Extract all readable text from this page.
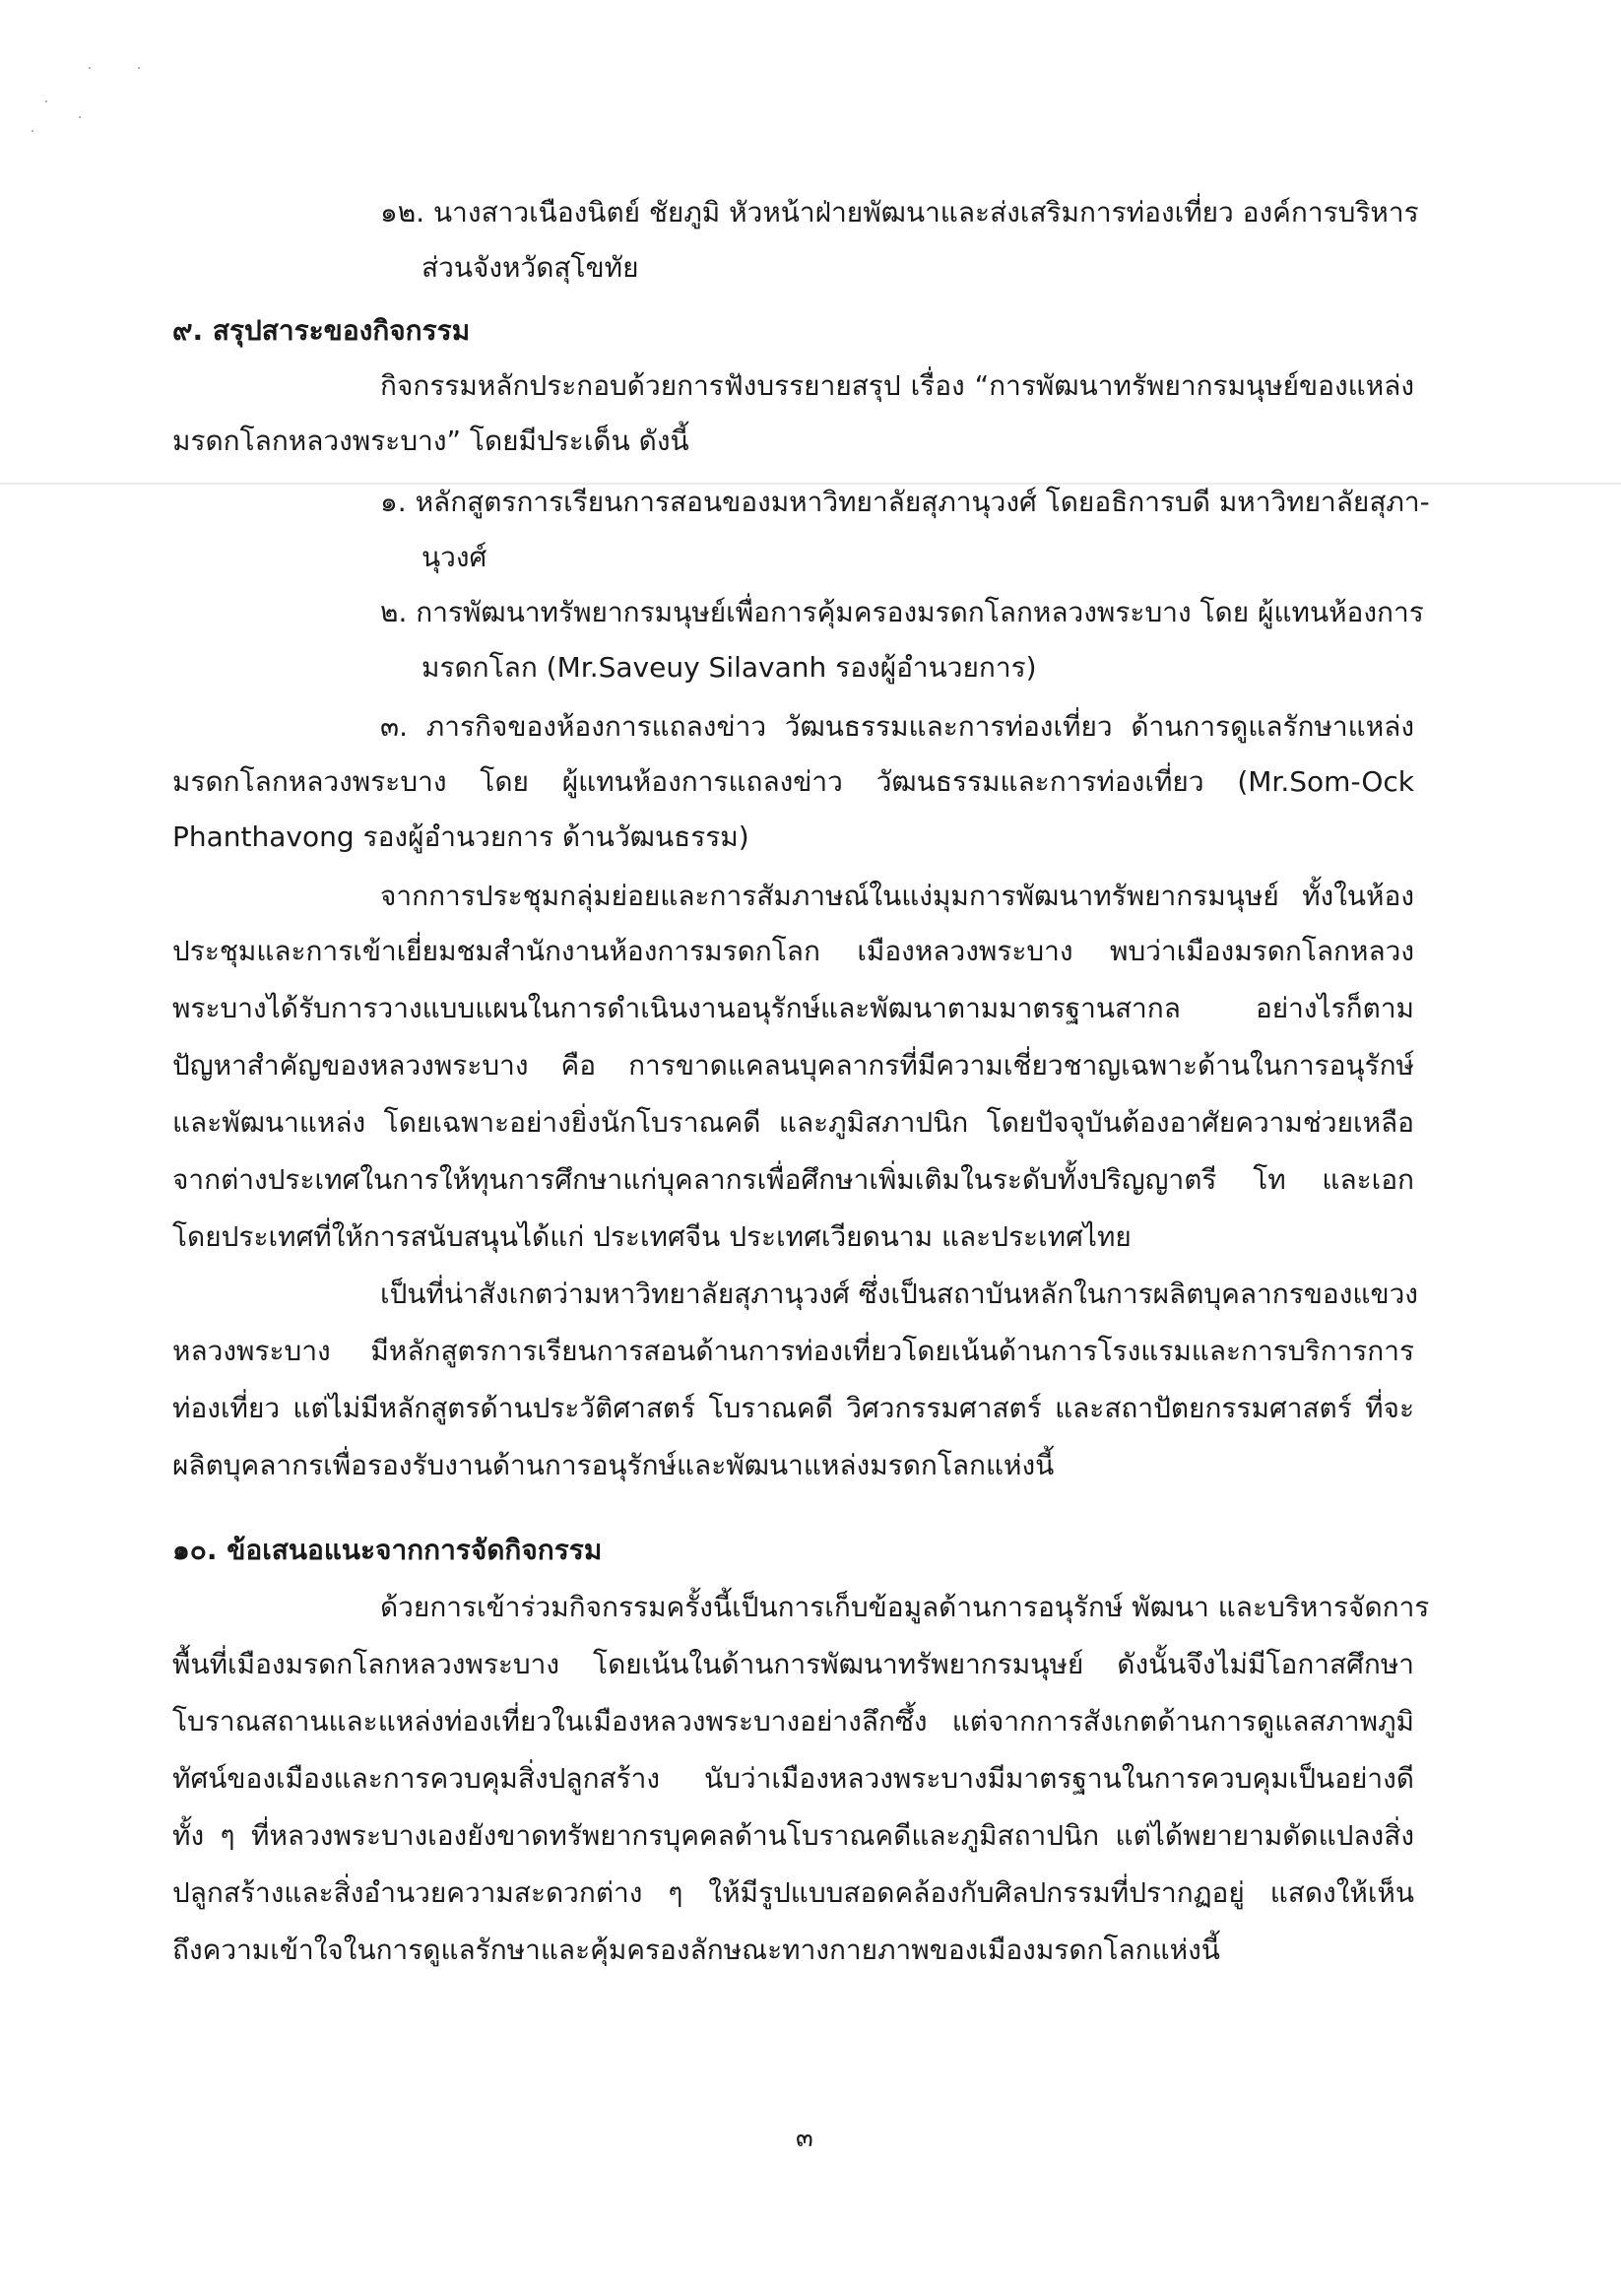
๑๒. นางสาวเนืองนิตย์ ชัยภูมิ หัวหน้าฝ่ายพัฒนาและส่งเสริมการท่องเที่ยว องค์การบริหาร

ส่วนจังหวัดสุโขทัย

๙. สรุปสาระของกิจกรรม

กิจกรรมหลักประกอบด้วยการฟังบรรยายสรุป เรื่อง “การพัฒนาทรัพยากรมนุษย์ของแหล่ง

มรดกโลกหลวงพระบาง” โดยมีประเด็น ดังนี้

๑. หลักสูตรการเรียนการสอนของมหาวิทยาลัยสุภานุวงศ์ โดยอธิการบดี มหาวิทยาลัยสุภา-

นุวงศ์

๒. การพัฒนาทรัพยากรมนุษย์เพื่อการคุ้มครองมรดกโลกหลวงพระบาง โดย ผู้แทนห้องการ

มรดกโลก (Mr.Saveuy Silavanh รองผู้อำนวยการ)

๓. ภารกิจของห้องการแถลงข่าว วัฒนธรรมและการท่องเที่ยว ด้านการดูแลรักษาแหล่ง

มรดกโลกหลวงพระบาง โดย ผู้แทนห้องการแถลงข่าว วัฒนธรรมและการท่องเที่ยว (Mr.Som-Ock

Phanthavong รองผู้อำนวยการ ด้านวัฒนธรรม)

จากการประชุมกลุ่มย่อยและการสัมภาษณ์ในแง่มุมการพัฒนาทรัพยากรมนุษย์ ทั้งในห้อง

ประชุมและการเข้าเยี่ยมชมสำนักงานห้องการมรดกโลก เมืองหลวงพระบาง พบว่าเมืองมรดกโลกหลวง

พระบางได้รับการวางแบบแผนในการดำเนินงานอนุรักษ์และพัฒนาตามมาตรฐานสากล อย่างไรก็ตาม

ปัญหาสำคัญของหลวงพระบาง คือ การขาดแคลนบุคลากรที่มีความเชี่ยวชาญเฉพาะด้านในการอนุรักษ์

และพัฒนาแหล่ง โดยเฉพาะอย่างยิ่งนักโบราณคดี และภูมิสภาปนิก โดยปัจจุบันต้องอาศัยความช่วยเหลือ

จากต่างประเทศในการให้ทุนการศึกษาแก่บุคลากรเพื่อศึกษาเพิ่มเติมในระดับทั้งปริญญาตรี โท และเอก

โดยประเทศที่ให้การสนับสนุนได้แก่ ประเทศจีน ประเทศเวียดนาม และประเทศไทย

เป็นที่น่าสังเกตว่ามหาวิทยาลัยสุภานุวงศ์ ซึ่งเป็นสถาบันหลักในการผลิตบุคลากรของแขวง

หลวงพระบาง มีหลักสูตรการเรียนการสอนด้านการท่องเที่ยวโดยเน้นด้านการโรงแรมและการบริการการ

ท่องเที่ยว แต่ไม่มีหลักสูตรด้านประวัติศาสตร์ โบราณคดี วิศวกรรมศาสตร์ และสถาปัตยกรรมศาสตร์ ที่จะ

ผลิตบุคลากรเพื่อรองรับงานด้านการอนุรักษ์และพัฒนาแหล่งมรดกโลกแห่งนี้

๑๐. ข้อเสนอแนะจากการจัดกิจกรรม

ด้วยการเข้าร่วมกิจกรรมครั้งนี้เป็นการเก็บข้อมูลด้านการอนุรักษ์ พัฒนา และบริหารจัดการ

พื้นที่เมืองมรดกโลกหลวงพระบาง โดยเน้นในด้านการพัฒนาทรัพยากรมนุษย์ ดังนั้นจึงไม่มีโอกาสศึกษา

โบราณสถานและแหล่งท่องเที่ยวในเมืองหลวงพระบางอย่างลึกซึ้ง แต่จากการสังเกตด้านการดูแลสภาพภูมิ

ทัศน์ของเมืองและการควบคุมสิ่งปลูกสร้าง นับว่าเมืองหลวงพระบางมีมาตรฐานในการควบคุมเป็นอย่างดี

ทั้ง ๆ ที่หลวงพระบางเองยังขาดทรัพยากรบุคคลด้านโบราณคดีและภูมิสถาปนิก แต่ได้พยายามดัดแปลงสิ่ง

ปลูกสร้างและสิ่งอำนวยความสะดวกต่าง ๆ ให้มีรูปแบบสอดคล้องกับศิลปกรรมที่ปรากฏอยู่ แสดงให้เห็น

ถึงความเข้าใจในการดูแลรักษาและคุ้มครองลักษณะทางกายภาพของเมืองมรดกโลกแห่งนี้

๓
